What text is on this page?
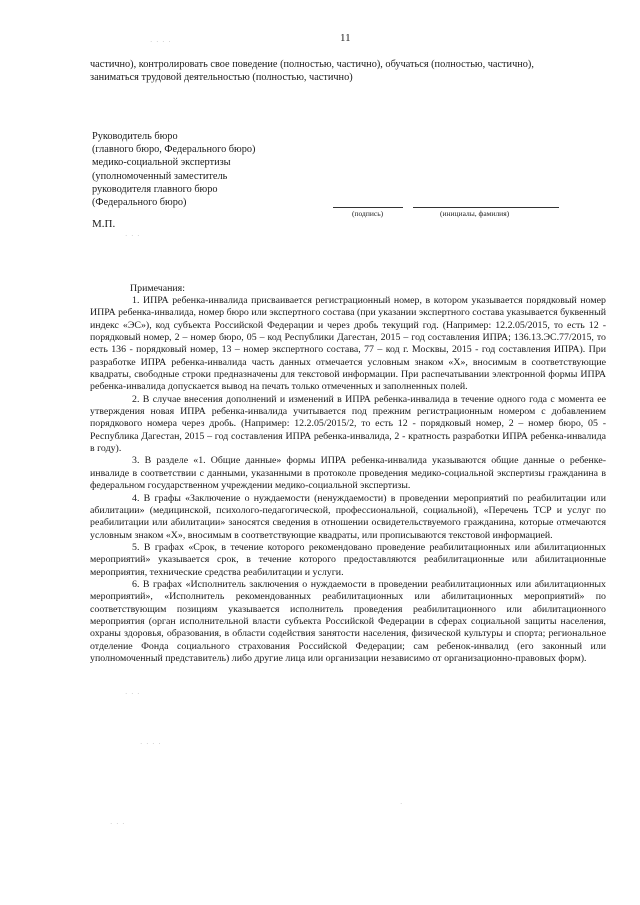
11
частично), контролировать свое поведение (полностью, частично), обучаться (полностью, частично),
заниматься трудовой деятельностью (полностью, частично)
Руководитель бюро
(главного бюро, Федерального бюро)
медико-социальной экспертизы
(уполномоченный заместитель
руководителя главного бюро
(Федерального бюро)
(подпись)	(инициалы, фамилия)
М.П.
Примечания:

1. ИПРА ребенка-инвалида присваивается регистрационный номер, в котором указывается порядковый номер ИПРА ребенка-инвалида, номер бюро или экспертного состава (при указании экспертного состава указывается буквенный индекс «ЭС»), код субъекта Российской Федерации и через дробь текущий год. (Например: 12.2.05/2015, то есть 12 - порядковый номер, 2 – номер бюро, 05 – код Республики Дагестан, 2015 – год составления ИПРА; 136.13.ЭС.77/2015, то есть 136 - порядковый номер, 13 – номер экспертного состава, 77 – код г. Москвы, 2015 - год составления ИПРА). При разработке ИПРА ребенка-инвалида часть данных отмечается условным знаком «Х», вносимым в соответствующие квадраты, свободные строки предназначены для текстовой информации. При распечатывании электронной формы ИПРА ребенка-инвалида допускается вывод на печать только отмеченных и заполненных полей.

2. В случае внесения дополнений и изменений в ИПРА ребенка-инвалида в течение одного года с момента ее утверждения новая ИПРА ребенка-инвалида учитывается под прежним регистрационным номером с добавлением порядкового номера через дробь. (Например: 12.2.05/2015/2, то есть 12 - порядковый номер, 2 – номер бюро, 05 - Республика Дагестан, 2015 – год составления ИПРА ребенка-инвалида, 2 - кратность разработки ИПРА ребенка-инвалида в году).

3. В разделе «1. Общие данные» формы ИПРА ребенка-инвалида указываются общие данные о ребенке-инвалиде в соответствии с данными, указанными в протоколе проведения медико-социальной экспертизы гражданина в федеральном государственном учреждении медико-социальной экспертизы.

4. В графы «Заключение о нуждаемости (ненуждаемости) в проведении мероприятий по реабилитации или абилитации» (медицинской, психолого-педагогической, профессиональной, социальной), «Перечень ТСР и услуг по реабилитации или абилитации» заносятся сведения в отношении освидетельствуемого гражданина, которые отмечаются условным знаком «Х», вносимым в соответствующие квадраты, или прописываются текстовой информацией.

5. В графах «Срок, в течение которого рекомендовано проведение реабилитационных или абилитационных мероприятий» указывается срок, в течение которого предоставляются реабилитационные или абилитационные мероприятия, технические средства реабилитации и услуги.

6. В графах «Исполнитель заключения о нуждаемости в проведении реабилитационных или абилитационных мероприятий», «Исполнитель рекомендованных реабилитационных или абилитационных мероприятий» по соответствующим позициям указывается исполнитель проведения реабилитационного или абилитационного мероприятия (орган исполнительной власти субъекта Российской Федерации в сферах социальной защиты населения, охраны здоровья, образования, в области содействия занятости населения, физической культуры и спорта; региональное отделение Фонда социального страхования Российской Федерации; сам ребенок-инвалид (его законный или уполномоченный представитель) либо другие лица или организации независимо от организационно-правовых форм).

· · · ·
· · ·
· · ·
· · · ·
· · ·
·
